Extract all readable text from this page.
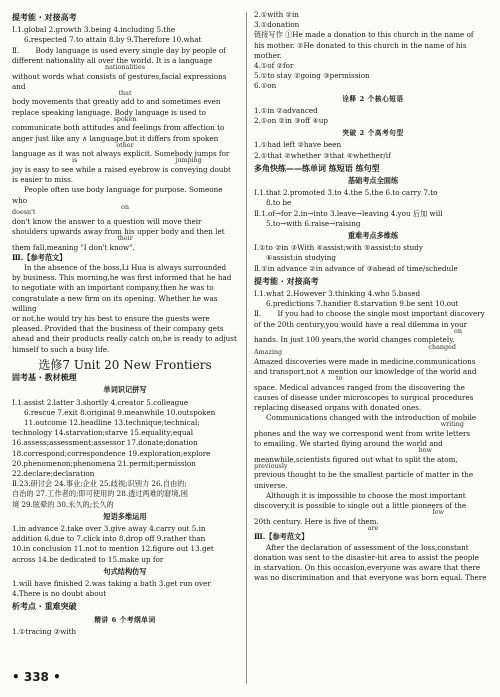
提考能 · 对接高考

Ⅰ.1.global 2.growth 3.being 4.including 5.the

6.respected 7.to attain 8.by 9.Therefore 10.what

Ⅱ. Body language is used every single day by people of

different nationality all over the world. It is a language

nationalities

without words what consists of gestures,facial expressions and

that

body movements that greatly add to and sometimes even

replace speaking language. Body language is used to

spoken

communicate both attitudes and feelings from affection to

anger just like any ∧ language,but it differs from spoken

other

language as it was not always explicit. Somebody jumps for

is	jumping

joy is easy to see while a raised eyebrow is conveying doubt

is easier to miss.

People often use body language for purpose. Someone who

on

doesn't

don't know the answer to a question will move their

shoulders upwards away from his upper body and then let

their

them fall,meaning "I don't know".

Ⅲ.【参考范文】

In the absence of the boss,Li Hua is always surrounded

by business. This morning,he was first informed that he had

to negotiate with an important company,then he was to

congratulate a new firm on its opening. Whether he was willing

or not,he would try his best to ensure the guests were

pleased. Provided that the business of their company gets

ahead and their products really catch on,he is ready to adjust

himself to such a busy life.

选修7 Unit 20 New Frontiers
固考基 · 教材梳理
单词识记拼写

Ⅰ.1.assist 2.latter 3.shortly 4.creator 5.colleague

6.rescue 7.exit 8.original 9.meanwhile 10.outspoken

11.outcome 12.headline 13.technique;technical;

technology 14.starvation;starve 15.equality;equal

16.assess;assessment;assessor 17.donate;donation

18.correspond;correspondence 19.exploration;explore

20.phenomenon;phenomena 21.permit;permission

22.declare;declaration

Ⅱ.23.研讨会 24.事业;企业 25.歧视;识别力 26.自由的;

自治的 27.工作者的;即可使用的 28.透过两难的窘境,困

境 29.眩晕的 30.永久的;长久的

短语多维运用

1.in advance 2.take over 3.give away 4.carry out 5.in

addition 6.due to 7.click into 8.drop off 9.rather than

10.in conclusion 11.not to mention 12.figure out 13.get

across 14.be dedicated to 15.make up for

句式结构仿写

1.will have finished 2.was taking a bath 3.get run over

4.There is no doubt about

析考点 · 重难突破
精讲 6 个考纲单词

1.①tracing ②with

2.①with ②in

3.①donation

链接写作 ①He made a donation to this church in the name of

his mother. ②He donated to this church in the name of his

mother.

4.①of ②for

5.①to stay ②going ③permission

6.①on

诠释 2 个核心短语

1.①in ②advanced

2.①on ②in ③off ④up

突破 2 个高考句型

1.①had left ②have been

2.①that ②whether ③that ④whether/if

多角快练——练单词 练短语 练句型
基础考点全面练

Ⅰ.1.that 2.promoted 3.to 4.the 5.the 6.to carry 7.to

8.to be

Ⅱ.1.of→for 2.in→into 3.leave→leaving 4.you 后加 will

5.to→with 6.raise→raising

重难考点多维练

Ⅰ.①to ②in ③With ④assist;with ⑤assist;to study

⑥assist;in studying

Ⅱ.①in advance ②in advance of ③ahead of time/schedule

提考能 · 对接高考

Ⅰ.1.what 2.However 3.thinking 4.who 5.based

6.predictions 7.handier 8.starvation 9.be sent 10.out

Ⅱ. If you had to choose the single most important discovery

of the 20th century,you would have a real dilemma in your

on

hands. In just 100 years,the world changes completely.

changed

Amazing

Amazed discoveries were made in medicine,communications

and transport,not ∧ mention our knowledge of the world and

to

space. Medical advances ranged from the discovering the

causes of disease under microscopes to surgical procedures

replacing diseased organs with donated ones.

Communications changed with the introduction of mobile

writing

phones and the way we correspond went from write letters

to emailing. We started flying around the world and

how

meanwhile,scientists figured out what to split the atom,

previously

previous thought to be the smallest particle of matter in the

universe.

Although it is impossible to choose the most important

discovery,it is possible to single out a little pioneers of the

few

20th century. Here is five of them.

are

Ⅲ.【参考范文】

After the declaration of assessment of the loss,constant

donation was sent to the disaster-hit area to assist the people

in starvation. On this occasion,everyone was aware that there

was no discrimination and that everyone was born equal. There

• 338 •
